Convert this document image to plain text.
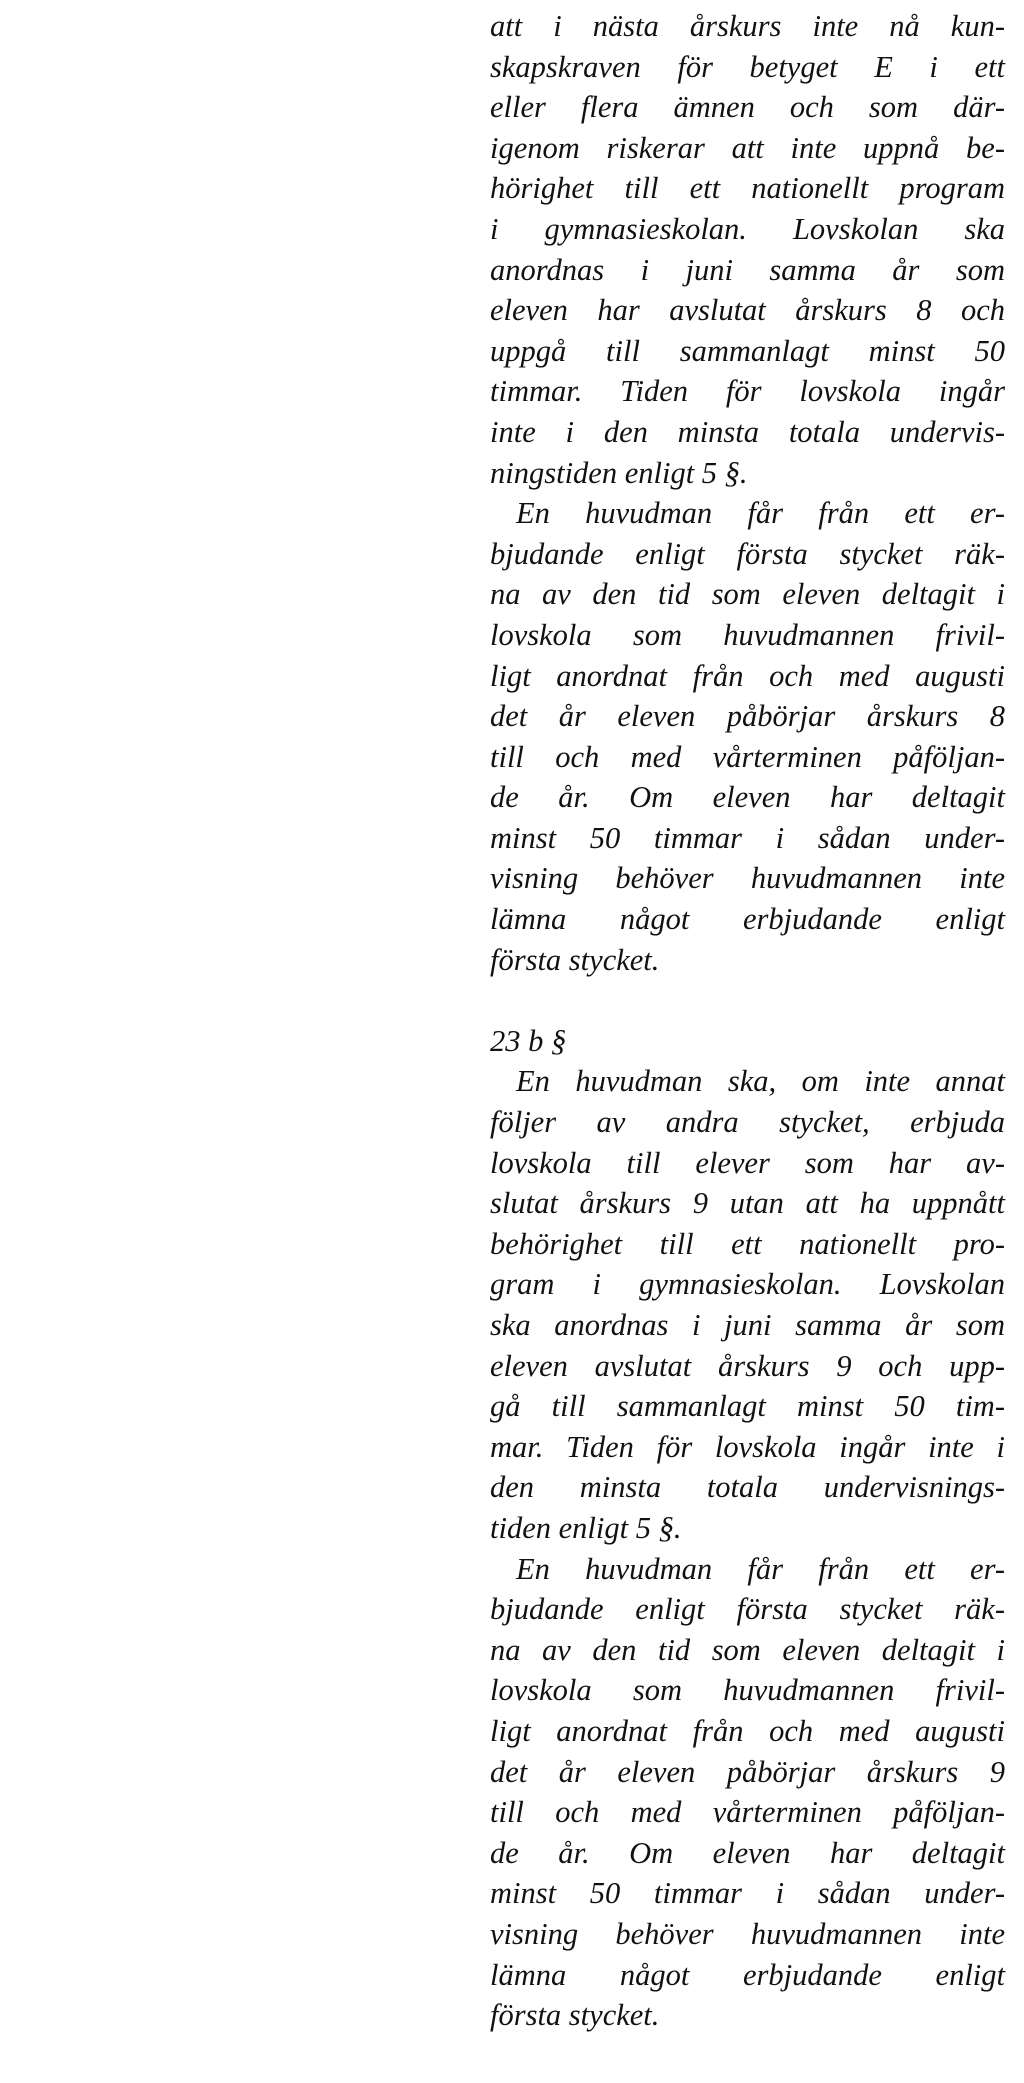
att i nästa årskurs inte nå kun-
skapskraven för betyget E i ett
eller flera ämnen och som där-
igenom riskerar att inte uppnå be-
hörighet till ett nationellt program
i gymnasieskolan. Lovskolan ska
anordnas i juni samma år som
eleven har avslutat årskurs 8 och
uppgå till sammanlagt minst 50
timmar. Tiden för lovskola ingår
inte i den minsta totala undervis-
ningstiden enligt 5 §.
En huvudman får från ett er-
bjudande enligt första stycket räk-
na av den tid som eleven deltagit i
lovskola som huvudmannen frivil-
ligt anordnat från och med augusti
det år eleven påbörjar årskurs 8
till och med vårterminen påföljan-
de år. Om eleven har deltagit
minst 50 timmar i sådan under-
visning behöver huvudmannen inte
lämna något erbjudande enligt
första stycket.
23 b §
En huvudman ska, om inte annat
följer av andra stycket, erbjuda
lovskola till elever som har av-
slutat årskurs 9 utan att ha uppnått
behörighet till ett nationellt pro-
gram i gymnasieskolan. Lovskolan
ska anordnas i juni samma år som
eleven avslutat årskurs 9 och upp-
gå till sammanlagt minst 50 tim-
mar. Tiden för lovskola ingår inte i
den minsta totala undervisnings-
tiden enligt 5 §.
En huvudman får från ett er-
bjudande enligt första stycket räk-
na av den tid som eleven deltagit i
lovskola som huvudmannen frivil-
ligt anordnat från och med augusti
det år eleven påbörjar årskurs 9
till och med vårterminen påföljan-
de år. Om eleven har deltagit
minst 50 timmar i sådan under-
visning behöver huvudmannen inte
lämna något erbjudande enligt
första stycket.
